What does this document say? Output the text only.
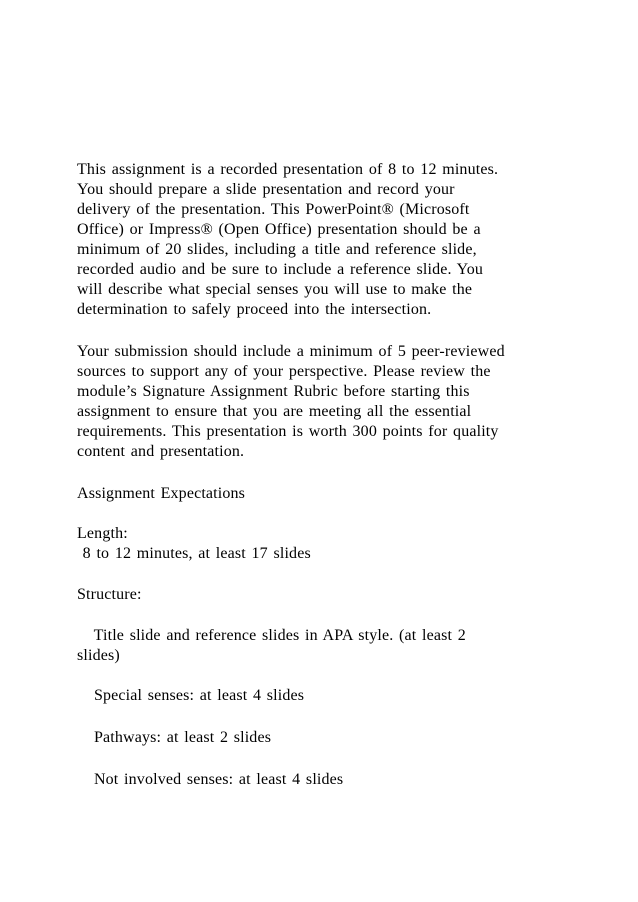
This assignment is a recorded presentation of 8 to 12 minutes.
You should prepare a slide presentation and record your
delivery of the presentation. This PowerPoint® (Microsoft
Office) or Impress® (Open Office) presentation should be a
minimum of 20 slides, including a title and reference slide,
recorded audio and be sure to include a reference slide. You
will describe what special senses you will use to make the
determination to safely proceed into the intersection.
Your submission should include a minimum of 5 peer-reviewed
sources to support any of your perspective. Please review the
module’s Signature Assignment Rubric before starting this
assignment to ensure that you are meeting all the essential
requirements. This presentation is worth 300 points for quality
content and presentation.
Assignment Expectations
Length:
8 to 12 minutes, at least 17 slides
Structure:
Title slide and reference slides in APA style. (at least 2
slides)
Special senses: at least 4 slides
Pathways: at least 2 slides
Not involved senses: at least 4 slides
